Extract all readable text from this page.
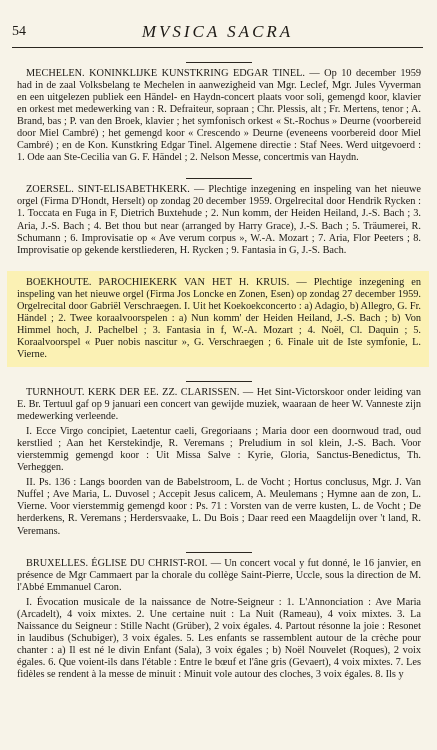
54	MVSICA SACRA

MECHELEN. KONINKLIJKE KUNSTKRING EDGAR TINEL. — Op 10 december 1959 had in de zaal Volksbelang te Mechelen in aanwezigheid van Mgr. Leclef, Mgr. Jules Vyverman en een uitgelezen publiek een Händel- en Haydn-concert plaats voor soli, gemengd koor, klavier en orkest met medewerking van : R. Defraiteur, sopraan ; Chr. Plessis, alt ; Fr. Mertens, tenor ; A. Brand, bas ; P. van den Broek, klavier ; het symfonisch orkest « St.-Rochus » Deurne (voorbereid door Miel Cambré) ; het gemengd koor « Crescendo » Deurne (eveneens voorbereid door Miel Cambré) ; en de Kon. Kunstkring Edgar Tinel. Algemene directie : Staf Nees. Werd uitgevoerd : 1. Ode aan Ste-Cecilia van G. F. Händel ; 2. Nelson Messe, concertmis van Haydn.

ZOERSEL. SINT-ELISABETHKERK. — Plechtige inzegening en inspeling van het nieuwe orgel (Firma D'Hondt, Herselt) op zondag 20 december 1959. Orgelrecital door Hendrik Rycken : 1. Toccata en Fuga in F, Dietrich Buxtehude ; 2. Nun komm, der Heiden Heiland, J.-S. Bach ; 3. Aria, J.-S. Bach ; 4. Bet thou but near (arranged by Harry Grace), J.-S. Bach ; 5. Träumerei, R. Schumann ; 6. Improvisatie op « Ave verum corpus », W.-A. Mozart ; 7. Aria, Flor Peeters ; 8. Improvisatie op gekende kerstliederen, H. Rycken ; 9. Fantasia in G, J.-S. Bach.

BOEKHOUTE. PAROCHIEKERK VAN HET H. KRUIS. — Plechtige inzegening en inspeling van het nieuwe orgel (Firma Jos Loncke en Zonen, Esen) op zondag 27 december 1959. Orgelrecital door Gabriël Verschraegen. I. Uit het Koekoekconcerto : a) Adagio, b) Allegro, G. Fr. Händel ; 2. Twee koraalvoorspelen : a) Nun komm' der Heiden Heiland, J.-S. Bach ; b) Von Himmel hoch, J. Pachelbel ; 3. Fantasia in f, W.-A. Mozart ; 4. Noël, Cl. Daquin ; 5. Koraalvoorspel « Puer nobis nascitur », G. Verschraegen ; 6. Finale uit de Iste symfonie, L. Vierne.

TURNHOUT. KERK DER EE. ZZ. CLARISSEN. — Het Sint-Victorskoor onder leiding van E. Br. Tertuul gaf op 9 januari een concert van gewijde muziek, waaraan de heer W. Vanneste zijn medewerking verleende.

I. Ecce Virgo concipiet, Laetentur caeli, Gregoriaans ; Maria door een doornwoud trad, oud kerstlied ; Aan het Kerstekindje, R. Veremans ; Preludium in sol klein, J.-S. Bach. Voor vierstemmig gemengd koor : Uit Missa Salve : Kyrie, Gloria, Sanctus-Benedictus, Th. Verheggen.

II. Ps. 136 : Langs boorden van de Babelstroom, L. de Vocht ; Hortus conclusus, Mgr. J. Van Nuffel ; Ave Maria, L. Duvosel ; Accepit Jesus calicem, A. Meulemans ; Hymne aan de zon, L. Vierne. Voor vierstemmig gemengd koor : Ps. 71 : Vorsten van de verre kusten, L. de Vocht ; De herderkens, R. Veremans ; Herdersvaake, L. Du Bois ; Daar reed een Maagdelijn over 't land, R. Veremans.

BRUXELLES. ÉGLISE DU CHRIST-ROI. — Un concert vocal y fut donné, le 16 janvier, en présence de Mgr Cammaert par la chorale du collège Saint-Pierre, Uccle, sous la direction de M. l'Abbé Emmanuel Caron.

I. Évocation musicale de la naissance de Notre-Seigneur : 1. L'Annonciation : Ave Maria (Arcadelt), 4 voix mixtes. 2. Une certaine nuit : La Nuit (Rameau), 4 voix mixtes. 3. La Naissance du Seigneur : Stille Nacht (Grüber), 2 voix égales. 4. Partout résonne la joie : Resonet in laudibus (Schubiger), 3 voix égales. 5. Les enfants se rassemblent autour de la crèche pour chanter : a) Il est né le divin Enfant (Sala), 3 voix égales ; b) Noël Nouvelet (Roques), 2 voix égales. 6. Que voient-ils dans l'étable : Entre le bœuf et l'âne gris (Gevaert), 4 voix mixtes. 7. Les fidèles se rendent à la messe de minuit : Minuit vole autour des cloches, 3 voix égales. 8. Ils y
